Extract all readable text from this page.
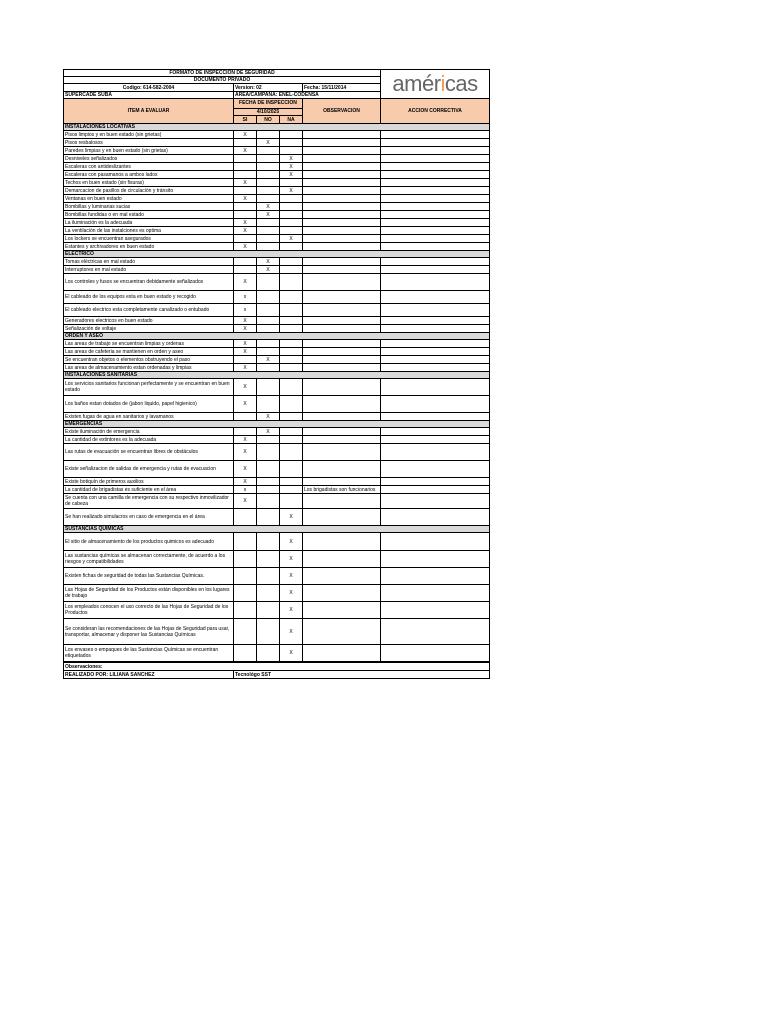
FORMATO DE INSPECCION DE SEGURIDAD					américas

DOCUMENTO PRIVADO					
Codigo: 614-582-2004	Version: 02			Fecha: 15/11/2014	
SUPERCADE SUBA	AREA/CAMPAÑA: ENEL-CODENSA				
ITEM A EVALUAR	FECHA DE INSPECCION			OBSERVACION	ACCION CORRECTIVA
	4/10/2025				
	SI	NO	NA		
INSTALACIONES LOCATIVAS					
Pisos limpios y en buen estado (sin grietas)	X				
Pisos resbalosos		X			
Paredes limpias y en buen estado (sin grietas)	X				
Desniveles señalizados			X		
Escaleras con antideslizantes			X		
Escaleras con pasamanos a ambos lados			X		
Techos en buen estado (sin fisuras)	X				
Demarcacion de pasillos de circulación y tránsito			X		
Ventanas en buen estado	X				
Bombillas y luminarias sucias		X			
Bombillas fundidas o en mal estado		X			
La iluminación es la adecuada	X				
La ventilación de las instalciones es optima	X				
Los lockers se encuentran asegurados			X		
Estantes y archivadores en buen estado	X				
ELECTRICO					
Tomas eléctricas en mal estado		X			
Interruptores en mal estado		X			
Los controles y fusos se encuentran debidamente señalizados	X				
El cableado de los equipos esta en buen estado y recogido	x				
El cableado electrico esta completamente canalizado o entubado	x				
Generadores electricos en buen estado	X				
Señalización de voltaje	X				
ORDEN Y ASEO					
Las areas de trabajo se encuentran limpias y ordenas	X				
Las areas de cafeteria se mantienen en orden y aseo	X				
Se encuentran objetos o elementos obstruyendo el paso		X			
Las areas de almacenamiento estan ordenadas y limpias	X				
INSTALACIONES SANITARIAS					
Los servicios sanitarios funcionan perfectamente y se encuentran en buen estado	X				
Los baños estan dotados de (jabon liquido, papel higienico)	X				
Existen fugas de agua en sanitarios y lavamanos		X			
EMERGENCIAS					
Existe iluminación de emergencia		X			
La cantidad de extintores es la adecuada	X				
Las rutas de evacuación se encuentran libres de obstáculos	X				
Existe señalizacion de salidas de emergencia y rutas de evacuacion	X				
Existe botiquín de primeros auxilios	X				
La cantidad de brigadistas es suficiente en el área	x			Los brigadistas son funcionarios	
Se cuenta con una camilla de emergencia con su respectivo inmovilizador de cabeza	X				
Se han realizado simulacros en caso de emergencia en el área			X		
SUSTANCIAS QUIMICAS					
El sitio de almacenamiento de los productos quimicos es adecuado			X		
Las sustancias químicas se almacenan correctamente, de acuerdo a los riesgos y compatibilidades			X		
Existen fichas de seguridad de todas las Sustancias Químicas.			X		
Las Hojas de Seguridad de los Productos están disponibles en los lugares de trabajo			X		
Los empleados conocen el uso correcto de las Hojas de Seguridad de los Productos			X		
Se consideran las recomendaciones de las Hojas de Seguridad para usar, transportar, almacenar y disponer las Sustancias Químicas			X		
Los envases o empaques de las Sustancias Químicas se encuentran etiquetados			X		
Observaciones:
REALIZADO POR: LILIANA SANCHEZ	Tecnológo SST
